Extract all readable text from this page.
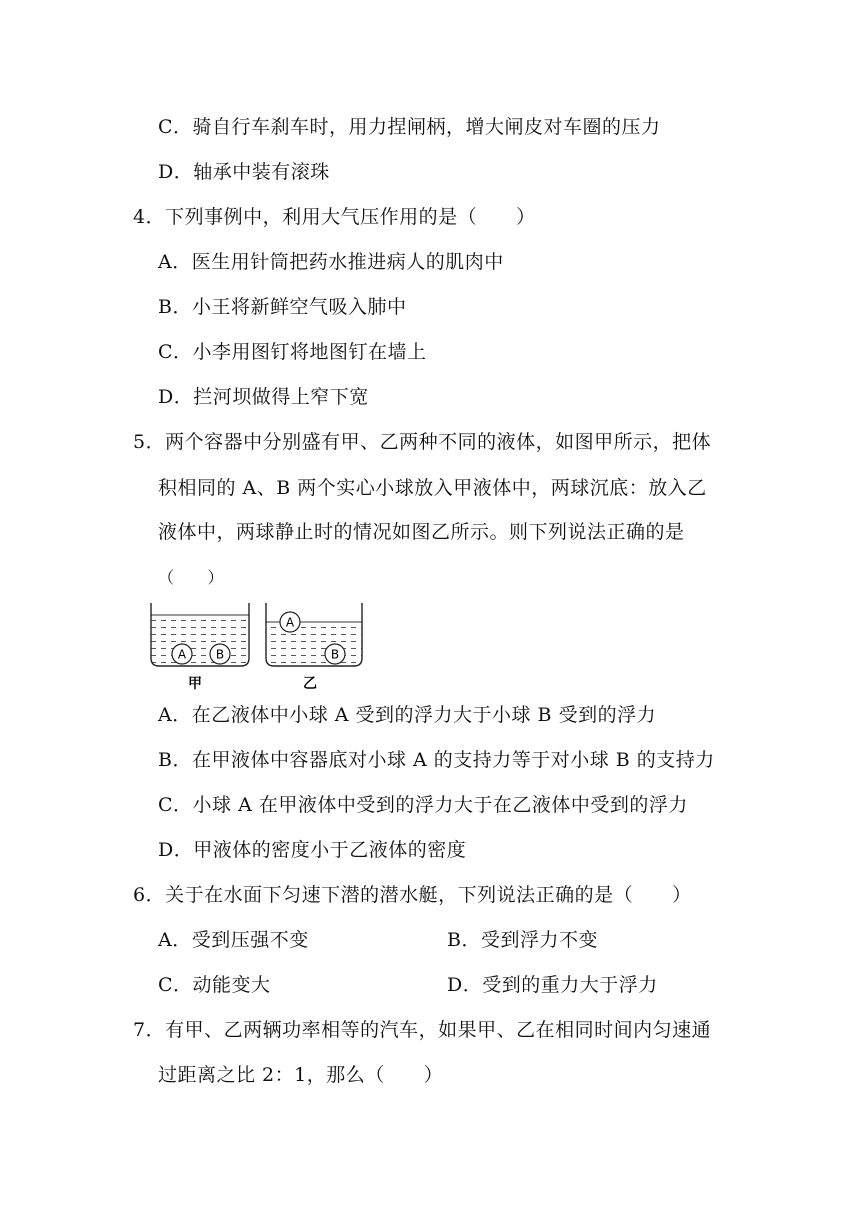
C．骑自行车刹车时，用力捏闸柄，增大闸皮对车圈的压力
D．轴承中装有滚珠
4．下列事例中，利用大气压作用的是（　　）
A．医生用针筒把药水推进病人的肌肉中
B．小王将新鲜空气吸入肺中
C．小李用图钉将地图钉在墙上
D．拦河坝做得上窄下宽
5．两个容器中分别盛有甲、乙两种不同的液体，如图甲所示，把体
积相同的 A、B 两个实心小球放入甲液体中，两球沉底：放入乙
液体中，两球静止时的情况如图乙所示。则下列说法正确的是
（　　）
A B
A
B
甲	乙
A．在乙液体中小球 A 受到的浮力大于小球 B 受到的浮力
B．在甲液体中容器底对小球 A 的支持力等于对小球 B 的支持力
C．小球 A 在甲液体中受到的浮力大于在乙液体中受到的浮力
D．甲液体的密度小于乙液体的密度
6．关于在水面下匀速下潜的潜水艇，下列说法正确的是（　　）
A．受到压强不变	B．受到浮力不变
C．动能变大	D．受到的重力大于浮力
7．有甲、乙两辆功率相等的汽车，如果甲、乙在相同时间内匀速通
过距离之比 2：1，那么（　　）
